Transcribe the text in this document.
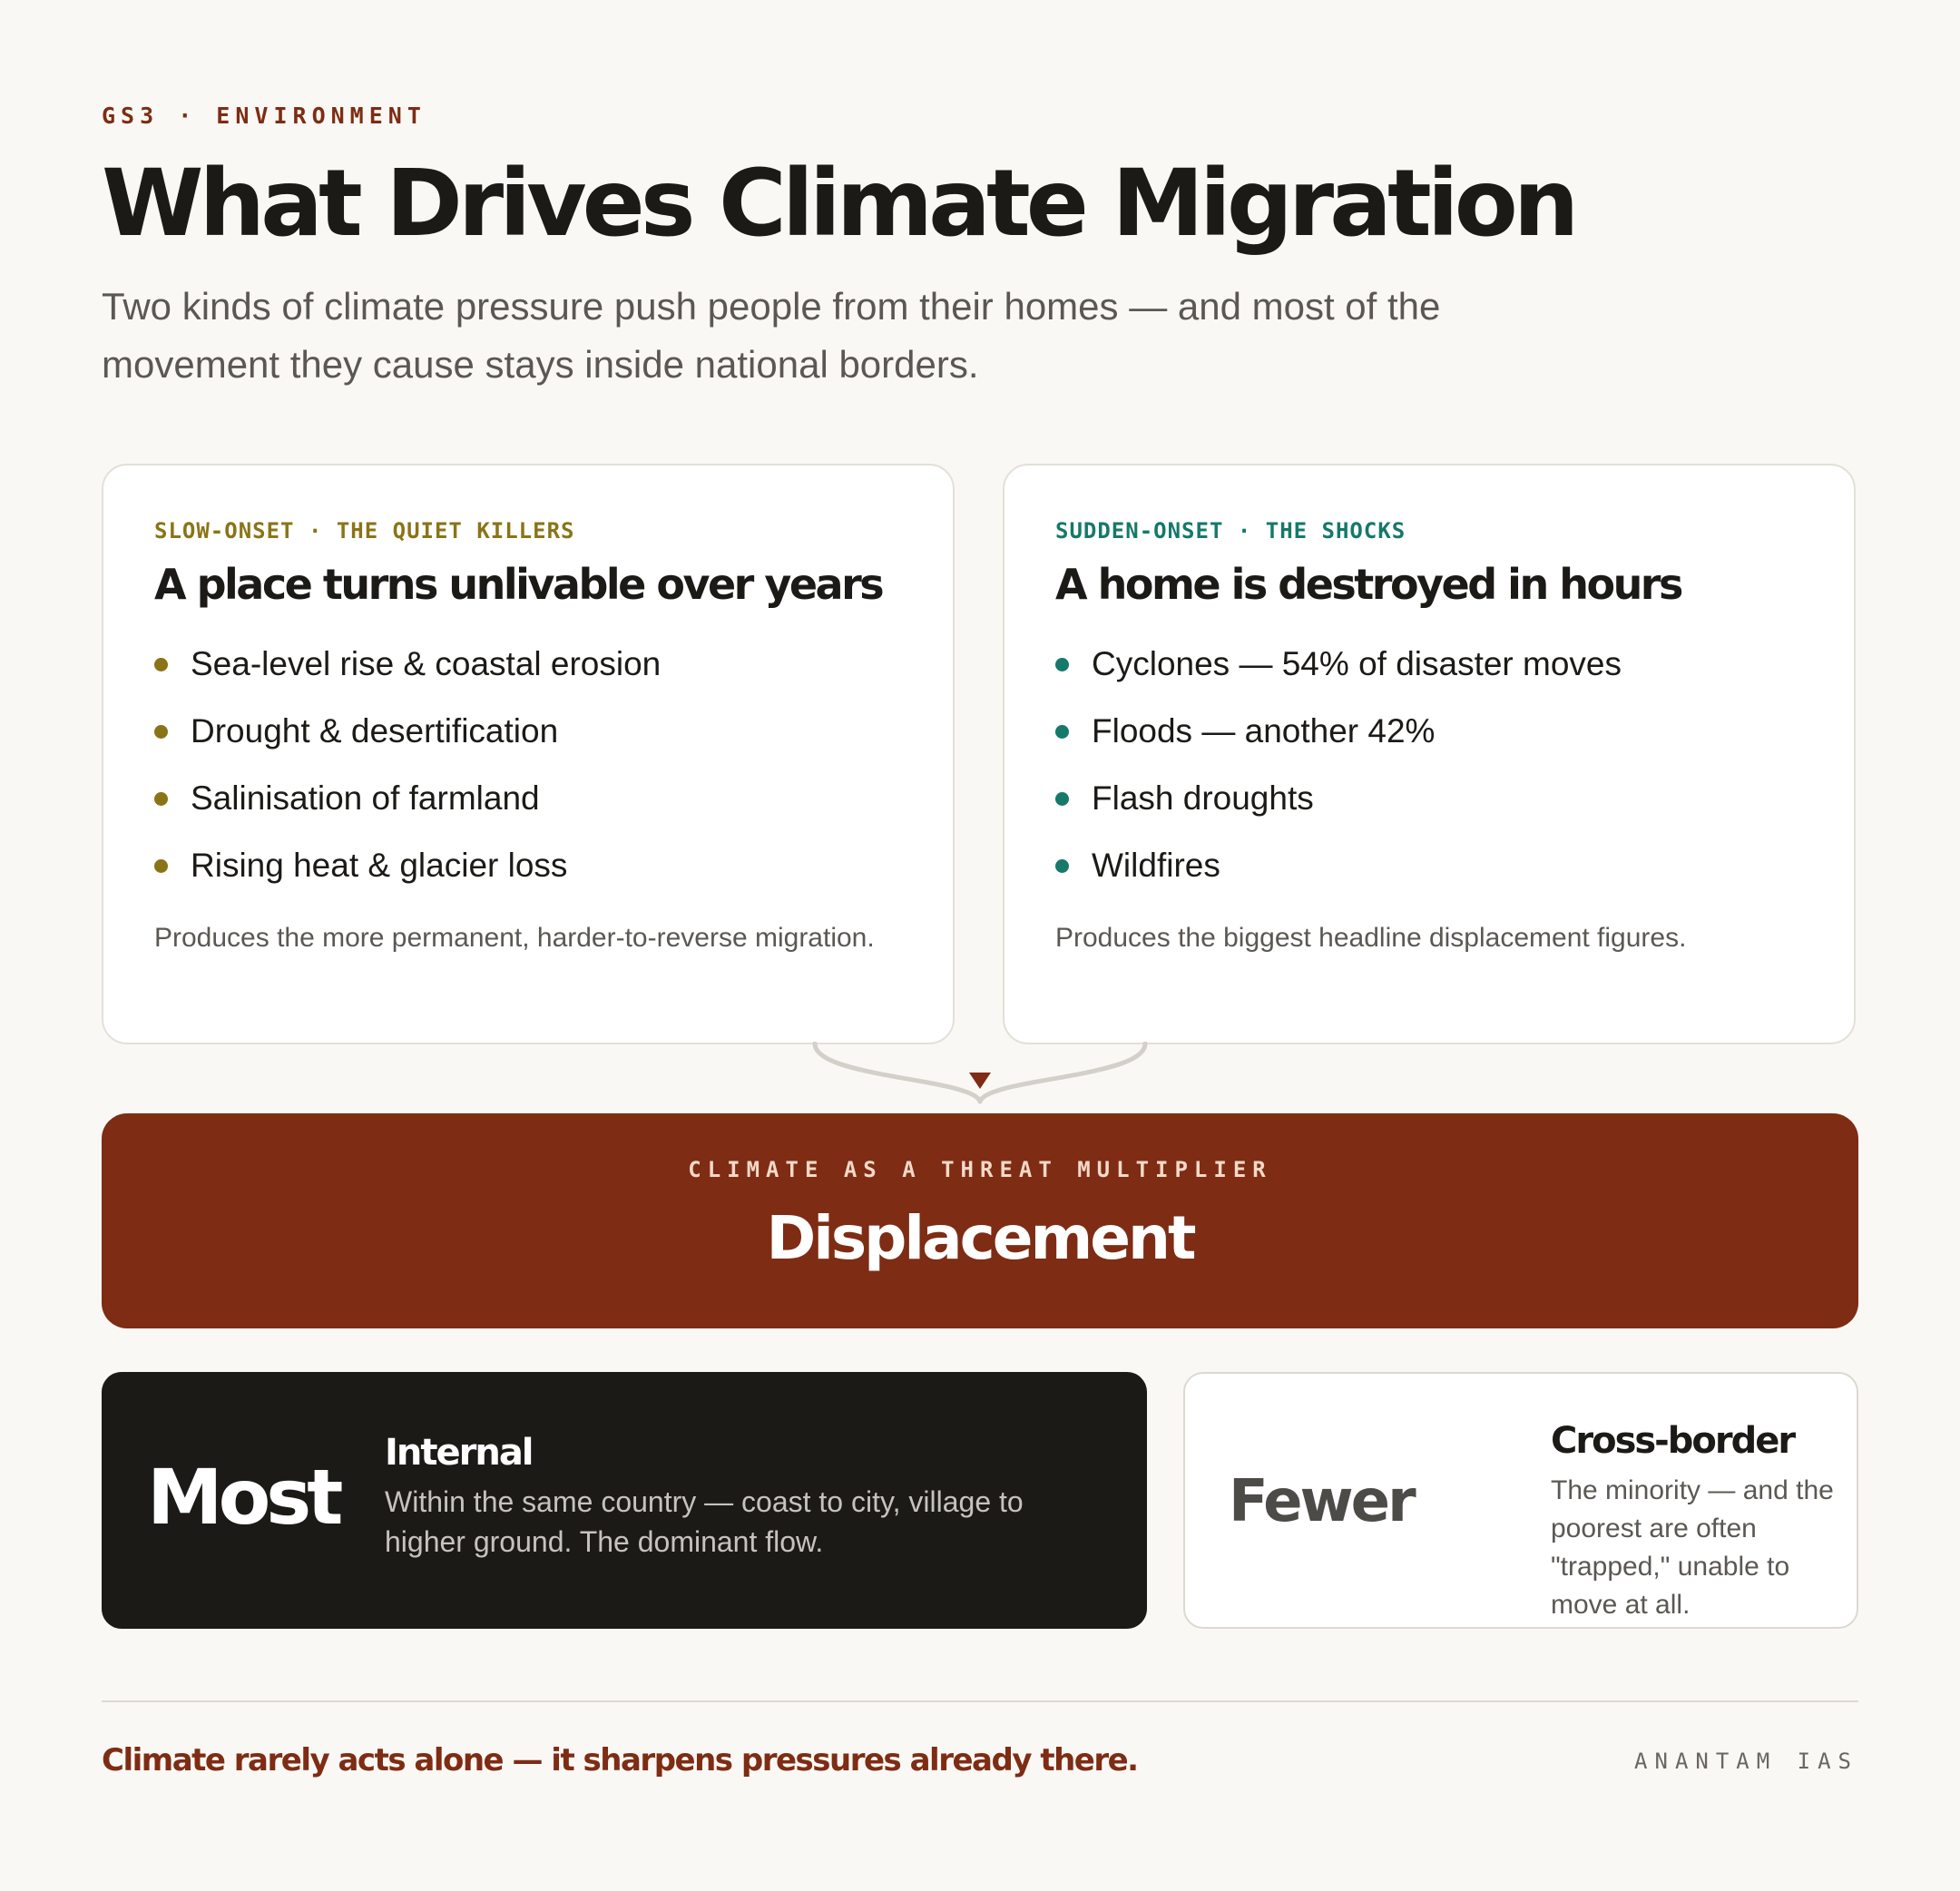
GS3 · ENVIRONMENT
What Drives Climate Migration

Two kinds of climate pressure push people from their homes — and most of the movement they cause stays inside national borders.

SLOW-ONSET · THE QUIET KILLERS
A place turns unlivable over years
Sea-level rise & coastal erosion
Drought & desertification
Salinisation of farmland
Rising heat & glacier loss
Produces the more permanent, harder-to-reverse migration.
SUDDEN-ONSET · THE SHOCKS
A home is destroyed in hours
Cyclones — 54% of disaster moves
Floods — another 42%
Flash droughts
Wildfires
Produces the biggest headline displacement figures.
CLIMATE AS A THREAT MULTIPLIER
Displacement
Most Internal
Within the same country — coast to city, village to higher ground. The dominant flow.
Fewer
Cross-border
The minority — and the poorest are often "trapped," unable to move at all.
Climate rarely acts alone — it sharpens pressures already there.	ANANTAM IAS
